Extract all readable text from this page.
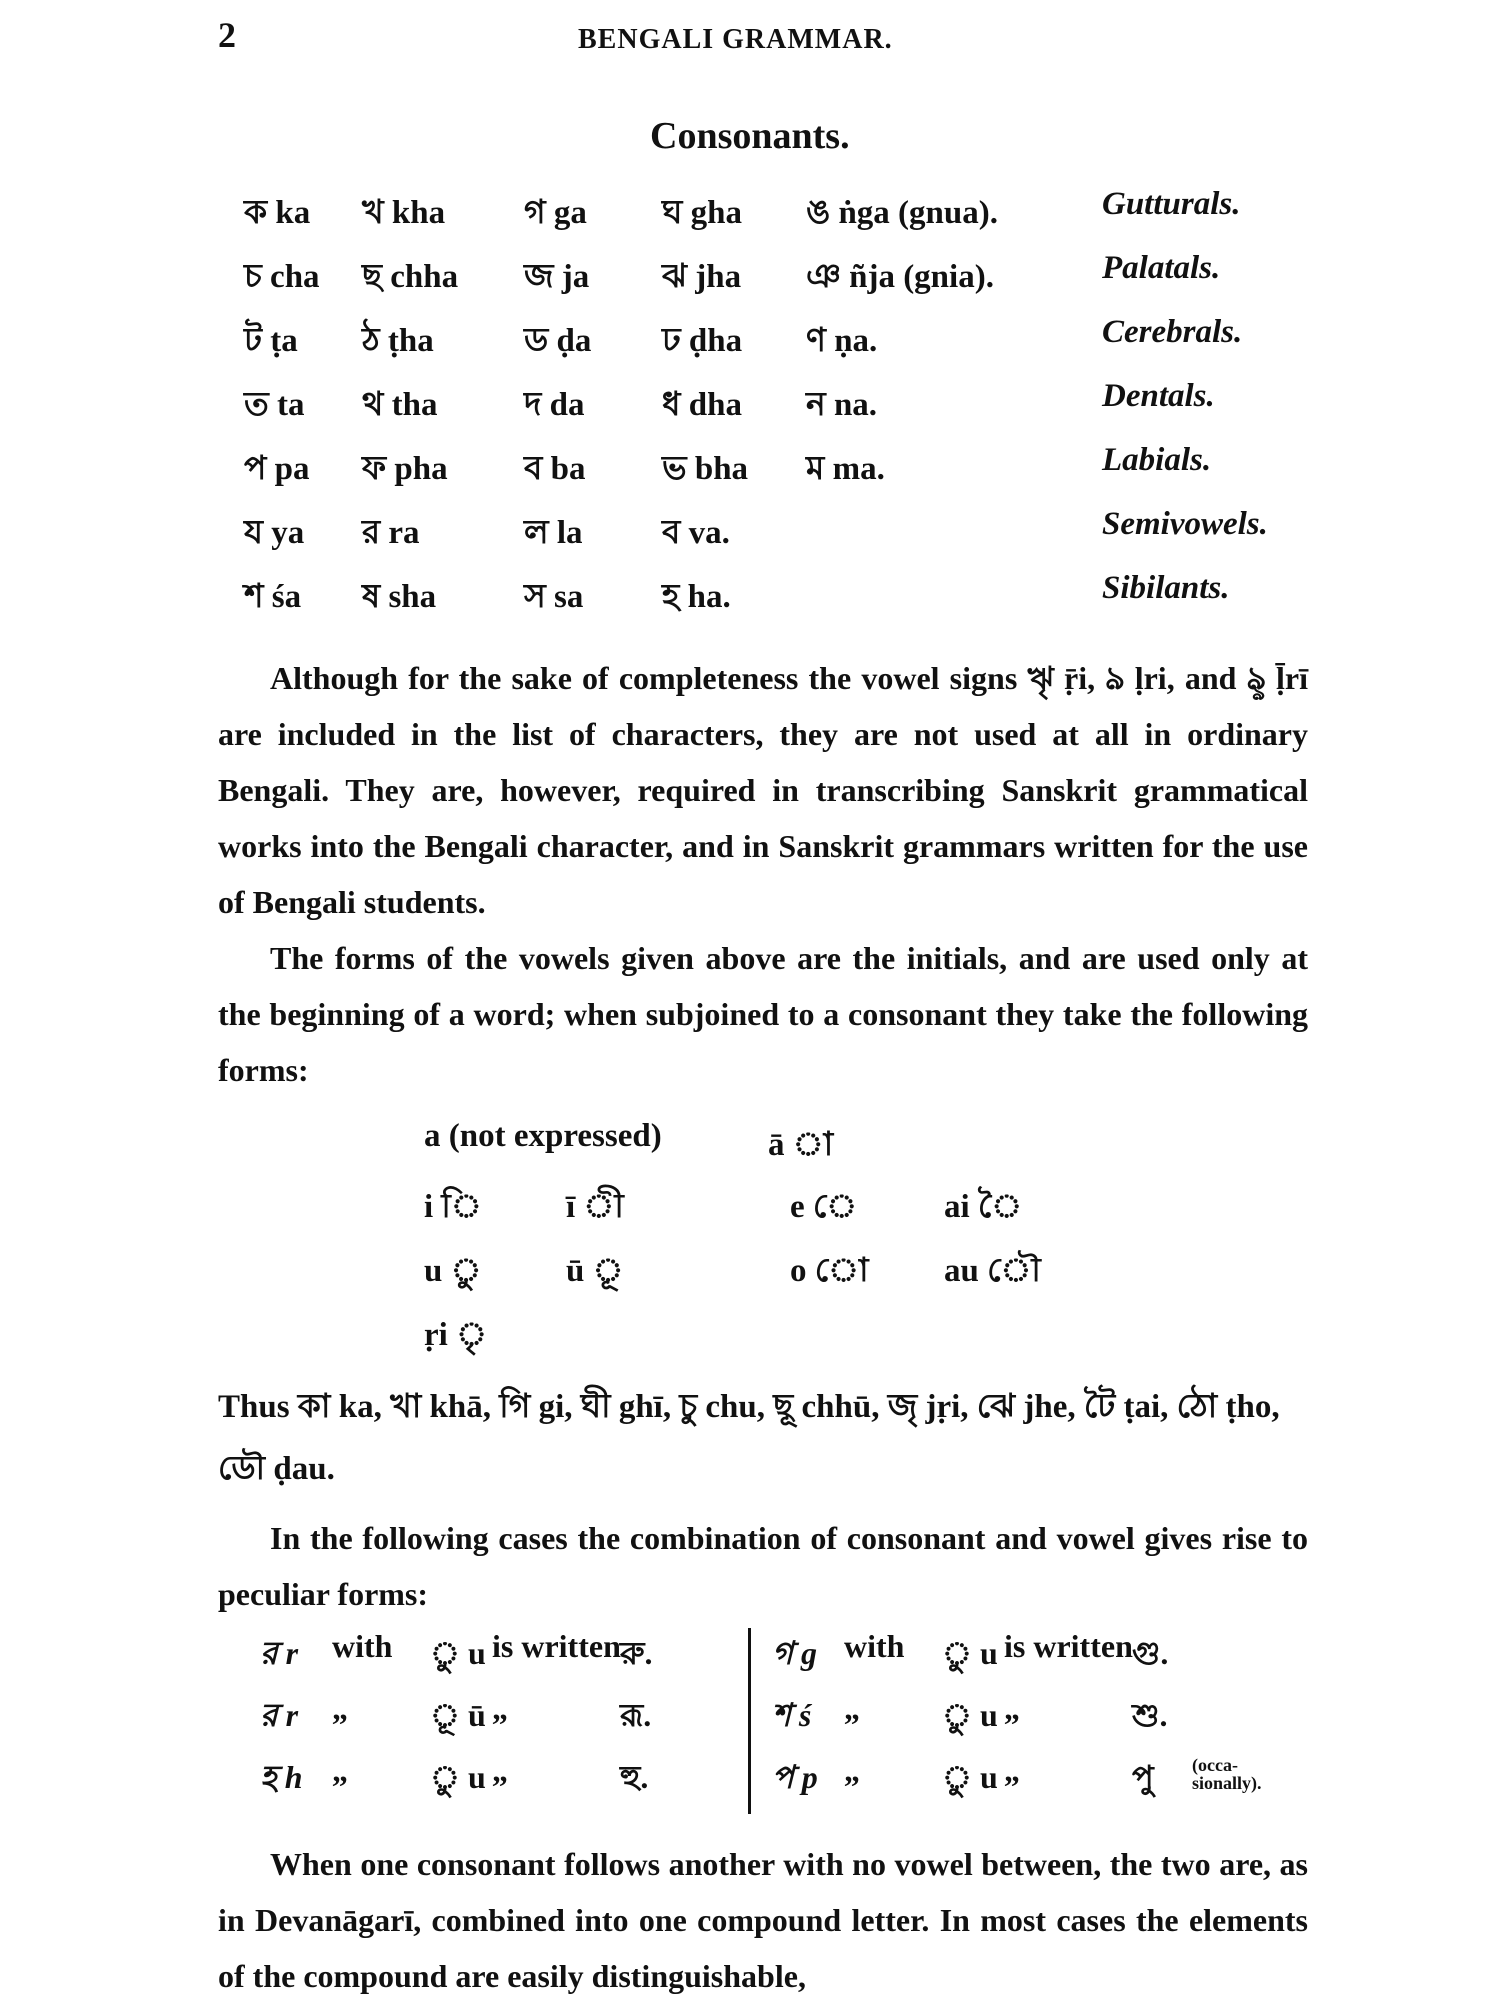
2	BENGALI GRAMMAR.
Consonants.
ক ka খ kha গ ga ঘ gha ঙ ṅga (gnua).	Gutturals.
চ cha ছ chha জ ja ঝ jha ঞ ñja (gnia).	Palatals.
ট ṭa ঠ ṭha	ড ḍa ঢ ḍha ণ ṇa.	Cerebrals.
ত ta থ tha	দ da ধ dha ন na.	Dentals.
প pa ফ pha ব ba ভ bha ম ma.	Labials.
য ya র ra	ল la ব va.	Semivowels.
শ śa ষ sha	স sa হ ha.	Sibilants.
Although for the sake of completeness the vowel signs ৠ ṝi, ঌ ḷri, and ৡ ḹrī are included in the list of characters, they are not used at all in ordinary Bengali. They are, however, required in transcribing Sanskrit grammatical works into the Bengali character, and in Sanskrit grammars written for the use of Bengali students.
The forms of the vowels given above are the initials, and are used only at the beginning of a word; when subjoined to a consonant they take the following forms:
a (not expressed)	ā া
i ি	ī ী	e ে	ai ৈ
u ু	ū ূ	o ো au ৌ
ṛi ৃ
Thus কা ka, খা khā, গি gi, ঘী ghī, চু chu, ছূ chhū, জৃ jṛi, ঝে jhe, টৈ ṭai, ঠো ṭho, ডৌ ḍau.
In the following cases the combination of consonant and vowel gives rise to peculiar forms:
র r with ু u is written রু.
র r „	ূ ū „	রূ.
হ h „	ু u „	হু.
গ g with ু u is written গু.
শ ś „	ু u „	শু.
প p „	ু u „	পু (occa-sionally).
When one consonant follows another with no vowel between, the two are, as in Devanāgarī, combined into one compound letter. In most cases the elements of the compound are easily distinguishable,
